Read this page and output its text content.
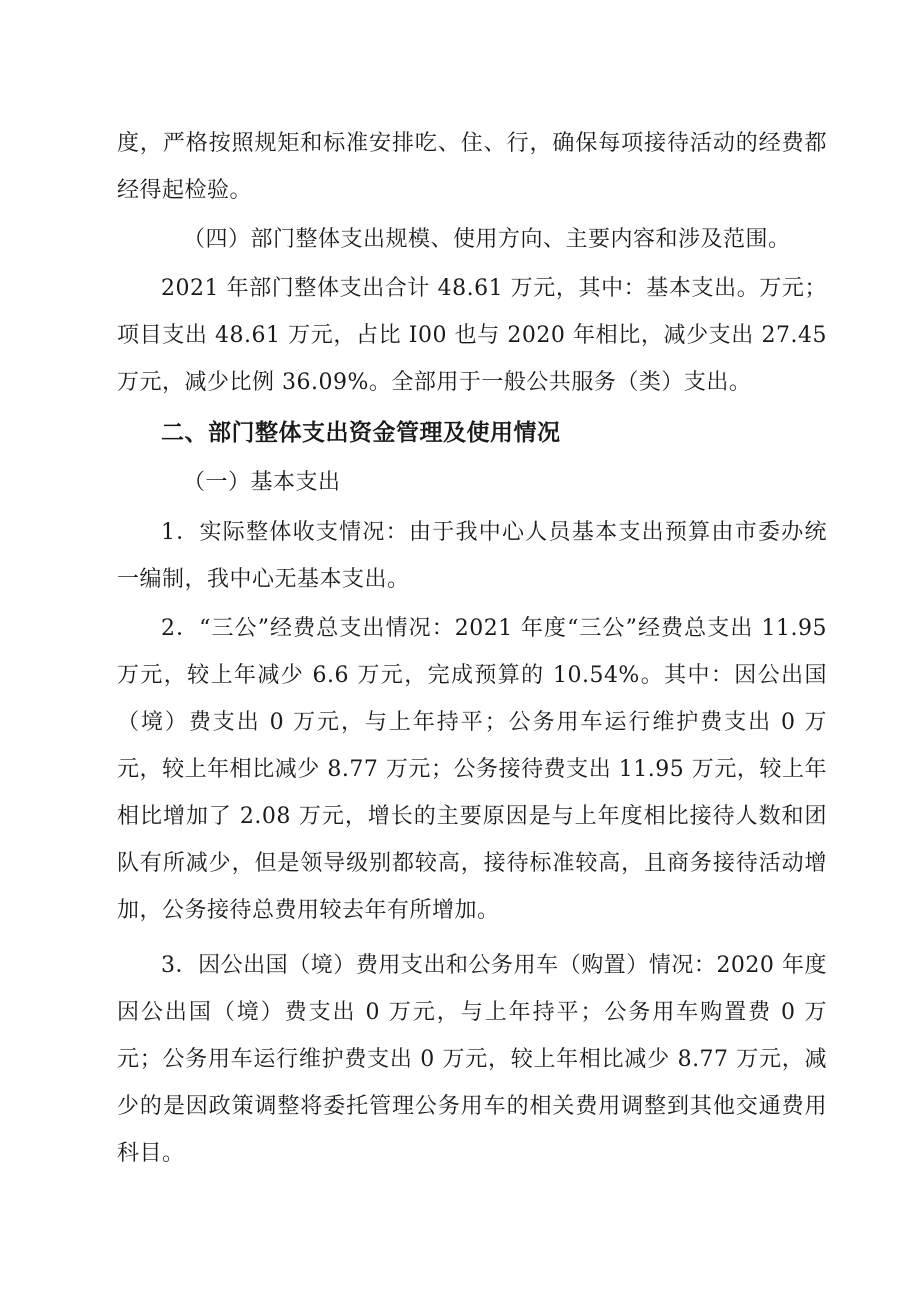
度，严格按照规矩和标准安排吃、住、行，确保每项接待活动的经费都经得起检验。

（四）部门整体支出规模、使用方向、主要内容和涉及范围。

2021 年部门整体支出合计 48.61 万元，其中：基本支出。万元；项目支出 48.61 万元，占比 I00 也与 2020 年相比，减少支出 27.45 万元，减少比例 36.09%。全部用于一般公共服务（类）支出。

二、部门整体支出资金管理及使用情况

（一）基本支出

1．实际整体收支情况：由于我中心人员基本支出预算由市委办统一编制，我中心无基本支出。

2．“三公”经费总支出情况：2021 年度“三公”经费总支出 11.95 万元，较上年减少 6.6 万元，完成预算的 10.54%。其中：因公出国（境）费支出 0 万元，与上年持平；公务用车运行维护费支出 0 万元，较上年相比减少 8.77 万元；公务接待费支出 11.95 万元，较上年相比增加了 2.08 万元，增长的主要原因是与上年度相比接待人数和团队有所减少，但是领导级别都较高，接待标准较高，且商务接待活动增加，公务接待总费用较去年有所增加。

3．因公出国（境）费用支出和公务用车（购置）情况：2020 年度因公出国（境）费支出 0 万元，与上年持平；公务用车购置费 0 万元；公务用车运行维护费支出 0 万元，较上年相比减少 8.77 万元，减少的是因政策调整将委托管理公务用车的相关费用调整到其他交通费用科目。
